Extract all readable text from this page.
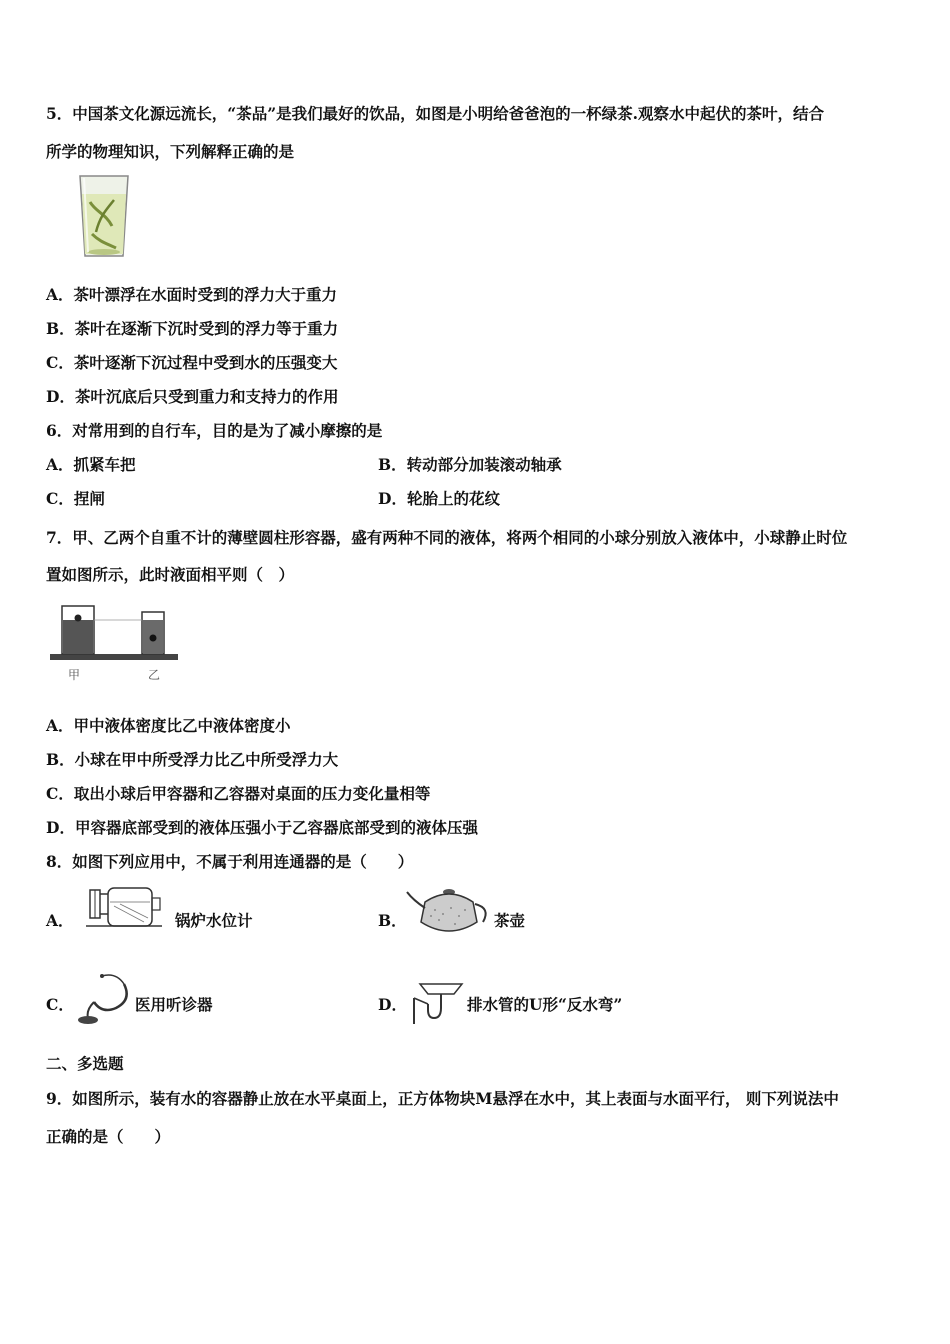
5．中国茶文化源远流长，“茶品”是我们最好的饮品，如图是小明给爸爸泡的一杯绿茶.观察水中起伏的茶叶，结合
所学的物理知识，下列解释正确的是
A．茶叶漂浮在水面时受到的浮力大于重力
B．茶叶在逐渐下沉时受到的浮力等于重力
C．茶叶逐渐下沉过程中受到水的压强变大
D．茶叶沉底后只受到重力和支持力的作用
6．对常用到的自行车，目的是为了减小摩擦的是
A．抓紧车把	B．转动部分加装滚动轴承
C．捏闸	D．轮胎上的花纹
7．甲、乙两个自重不计的薄壁圆柱形容器，盛有两种不同的液体，将两个相同的小球分别放入液体中，小球静止时位
置如图所示，此时液面相平则（　）
甲	乙
A．甲中液体密度比乙中液体密度小
B．小球在甲中所受浮力比乙中所受浮力大
C．取出小球后甲容器和乙容器对桌面的压力变化量相等
D．甲容器底部受到的液体压强小于乙容器底部受到的液体压强
8．如图下列应用中，不属于利用连通器的是（　　）
A．	锅炉水位计	B．	茶壶
C．	医用听诊器	D．	排水管的U形“反水弯”
二、多选题
9．如图所示，装有水的容器静止放在水平桌面上，正方体物块M悬浮在水中，其上表面与水面平行， 则下列说法中
正确的是（　　）
